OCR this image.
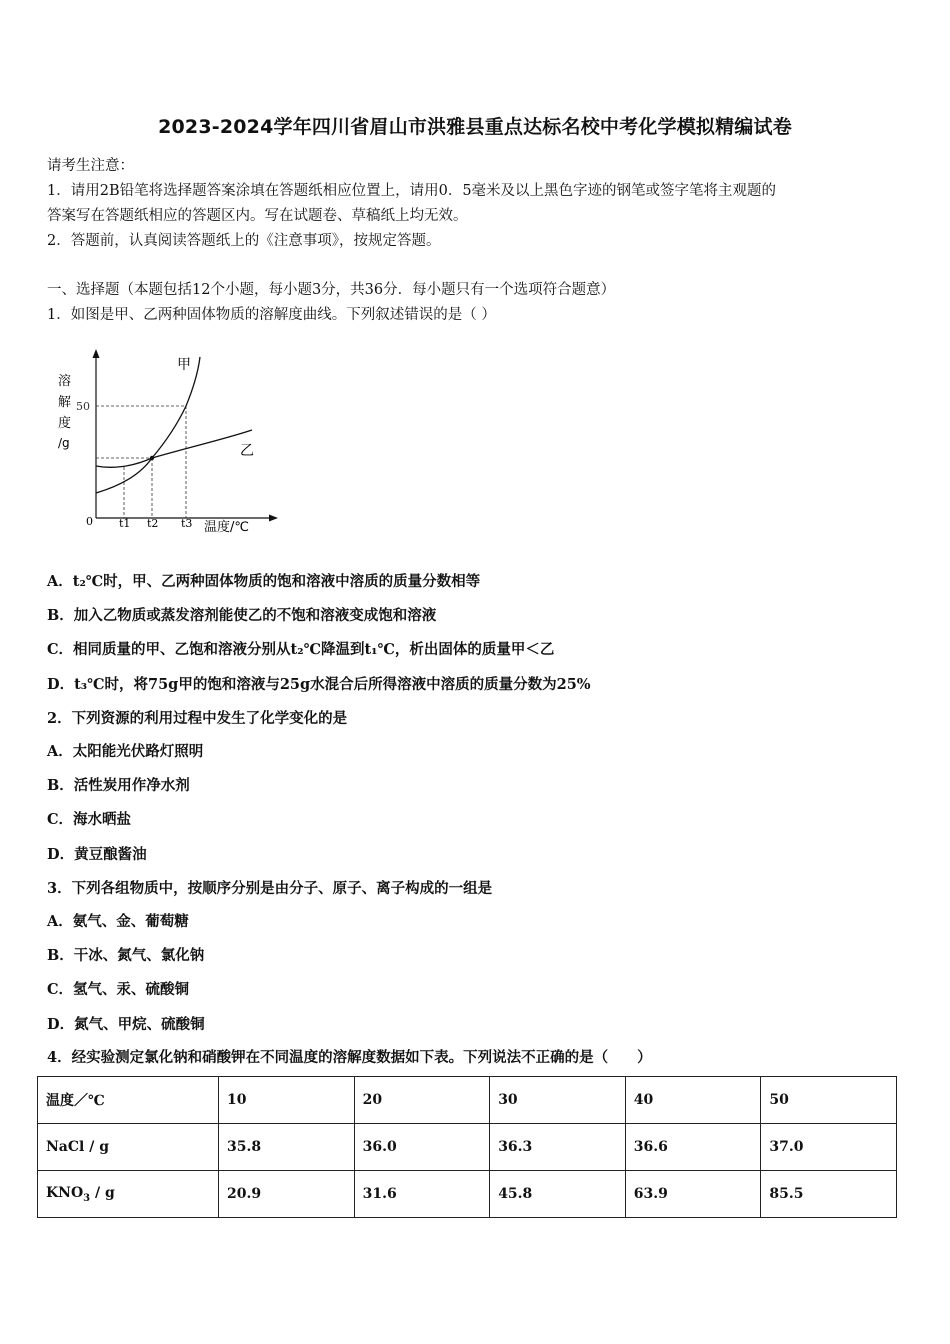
2023-2024学年四川省眉山市洪雅县重点达标名校中考化学模拟精编试卷
请考生注意：
1．请用2B铅笔将选择题答案涂填在答题纸相应位置上，请用0．5毫米及以上黑色字迹的钢笔或签字笔将主观题的
答案写在答题纸相应的答题区内。写在试题卷、草稿纸上均无效。
2．答题前，认真阅读答题纸上的《注意事项》，按规定答题。
一、选择题（本题包括12个小题，每小题3分，共36分．每小题只有一个选项符合题意）
1．如图是甲、乙两种固体物质的溶解度曲线。下列叙述错误的是（ ）
溶
解
度
/g
50
0 t1 t2 t3 温度/℃
甲
乙
A．t₂℃时，甲、乙两种固体物质的饱和溶液中溶质的质量分数相等
B．加入乙物质或蒸发溶剂能使乙的不饱和溶液变成饱和溶液
C．相同质量的甲、乙饱和溶液分别从t₂℃降温到t₁℃，析出固体的质量甲＜乙
D．t₃℃时，将75g甲的饱和溶液与25g水混合后所得溶液中溶质的质量分数为25%
2．下列资源的利用过程中发生了化学变化的是
A．太阳能光伏路灯照明
B．活性炭用作净水剂
C．海水晒盐
D．黄豆酿酱油
3．下列各组物质中，按顺序分别是由分子、原子、离子构成的一组是
A．氨气、金、葡萄糖
B．干冰、氮气、氯化钠
C．氢气、汞、硫酸铜
D．氮气、甲烷、硫酸铜
4．经实验测定氯化钠和硝酸钾在不同温度的溶解度数据如下表。下列说法不正确的是（　　）
温度／℃	10	20	30	40	50
NaCl / g	35.8	36.0	36.3	36.6	37.0
$KNO_3$ / g	20.9	31.6	45.8	63.9	85.5
